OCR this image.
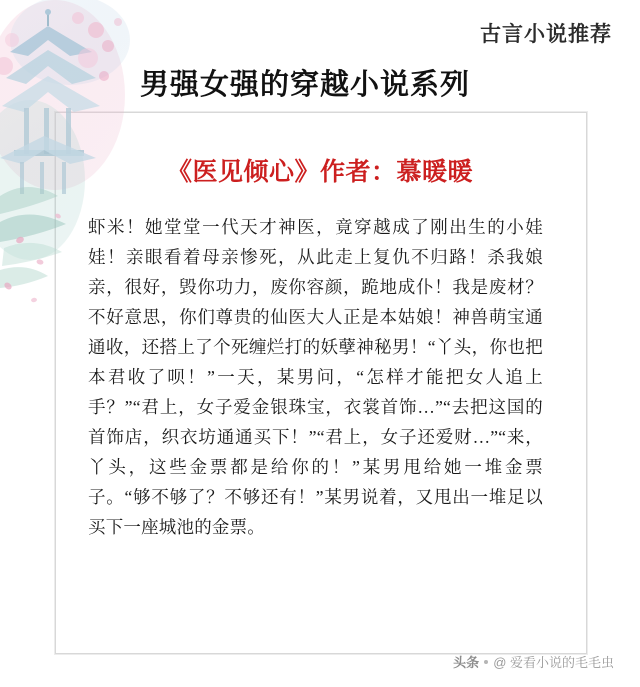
古言小说推荐
男强女强的穿越小说系列
《医见倾心》作者：慕暖暖
虾米！她堂堂一代天才神医，竟穿越成了刚出生的小娃娃！亲眼看着母亲惨死，从此走上复仇不归路！杀我娘亲，很好，毁你功力，废你容颜，跪地成仆！我是废材？不好意思，你们尊贵的仙医大人正是本姑娘！神兽萌宝通通收，还搭上了个死缠烂打的妖孽神秘男！“丫头，你也把本君收了呗！”一天，某男问，“怎样才能把女人追上手？”“君上，女子爱金银珠宝，衣裳首饰…”“去把这国的首饰店，织衣坊通通买下！”“君上，女子还爱财…”“来，丫头，这些金票都是给你的！”某男甩给她一堆金票子。“够不够了？不够还有！”某男说着，又甩出一堆足以买下一座城池的金票。
头条 @ 爱看小说的毛毛虫
